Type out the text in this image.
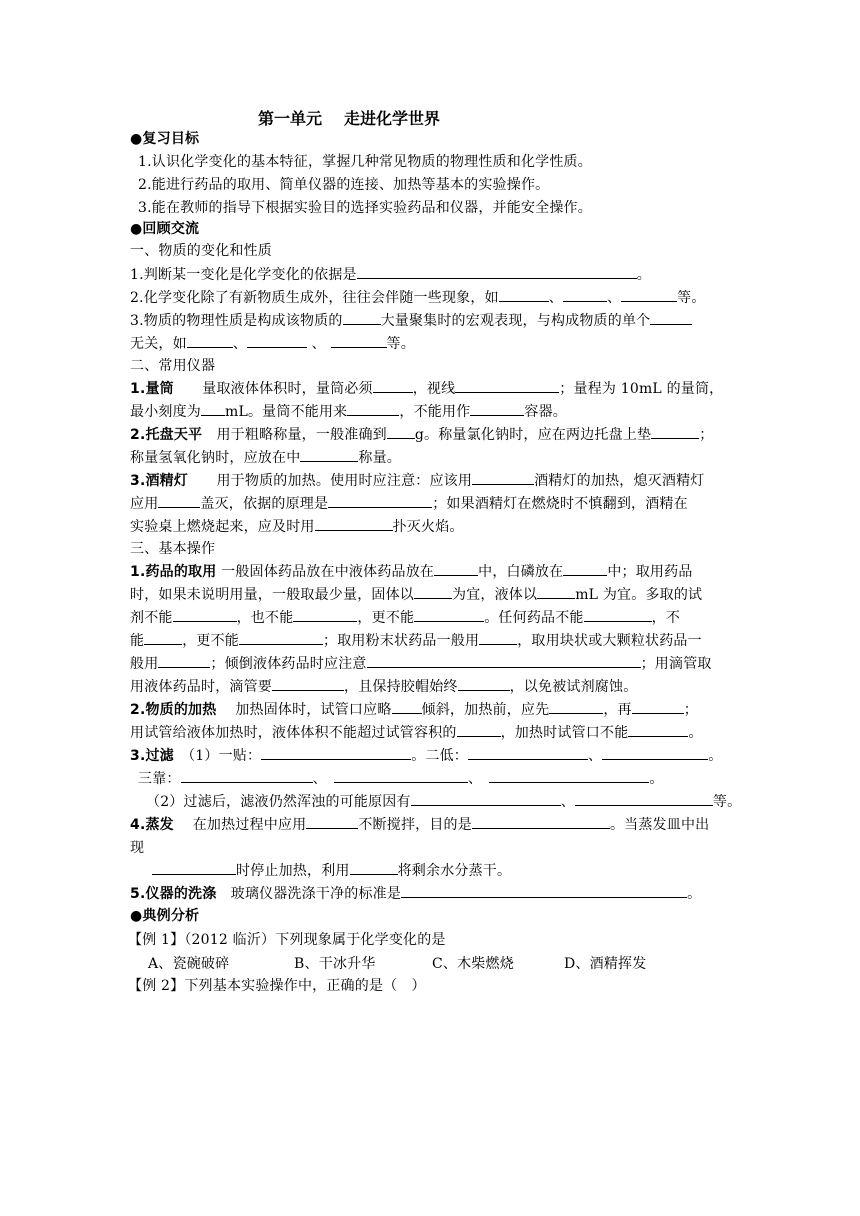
第一单元 走进化学世界
●复习目标
1.认识化学变化的基本特征，掌握几种常见物质的物理性质和化学性质。
2.能进行药品的取用、简单仪器的连接、加热等基本的实验操作。
3.能在教师的指导下根据实验目的选择实验药品和仪器，并能安全操作。
●回顾交流
一、物质的变化和性质
1.判断某一变化是化学变化的依据是	。
2.化学变化除了有新物质生成外，往往会伴随一些现象，如	、	、	等。
3.物质的物理性质是构成该物质的	大量聚集时的宏观表现，与构成物质的单个
无关，如	、	、	等。
二、常用仪器
1.量筒　　 量取液体体积时，量筒必须	，视线	；量程为 10mL 的量筒，
最小刻度为 mL。量筒不能用来	，不能用作	容器。
2.托盘天平　 用于粗略称量，一般准确到 g。称量氯化钠时，应在两边托盘上垫	；
称量氢氧化钠时，应放在中	称量。
3.酒精灯　　 用于物质的加热。使用时应注意：应该用	酒精灯的加热，熄灭酒精灯
应用	盖灭，依据的原理是	；如果酒精灯在燃烧时不慎翻到，酒精在
实验桌上燃烧起来，应及时用	扑灭火焰。
三、基本操作
1.药品的取用 一般固体药品放在中液体药品放在	中，白磷放在	中；取用药品
时，如果未说明用量，一般取最少量，固体以	为宜，液体以	mL 为宜。多取的试
剂不能	，也不能	，更不能	。任何药品不能	，不
能	，更不能	；取用粉末状药品一般用	，取用块状或大颗粒状药品一
般用	；倾倒液体药品时应注意	；用滴管取
用液体药品时，滴管要	，且保持胶帽始终	，以免被试剂腐蚀。
2.物质的加热　 加热固体时，试管口应略 倾斜，加热前，应先	，再	；
用试管给液体加热时，液体体积不能超过试管容积的	，加热时试管口不能	。
3.过滤　 （1）一贴：	。二低：	、	。
三靠：	、　	、　	。
（2）过滤后，滤液仍然浑浊的可能原因有	、	等。
4.蒸发　 在加热过程中应用	不断搅拌，目的是	。当蒸发皿中出
现
时停止加热，利用	将剩余水分蒸干。
5.仪器的洗涤　 玻璃仪器洗涤干净的标准是	。
●典例分析
【例 1】（2012 临沂）下列现象属于化学变化的是
A、瓷碗破碎	B、干冰升华	C、木柴燃烧	D、酒精挥发
【例 2】下列基本实验操作中，正确的是（　）
